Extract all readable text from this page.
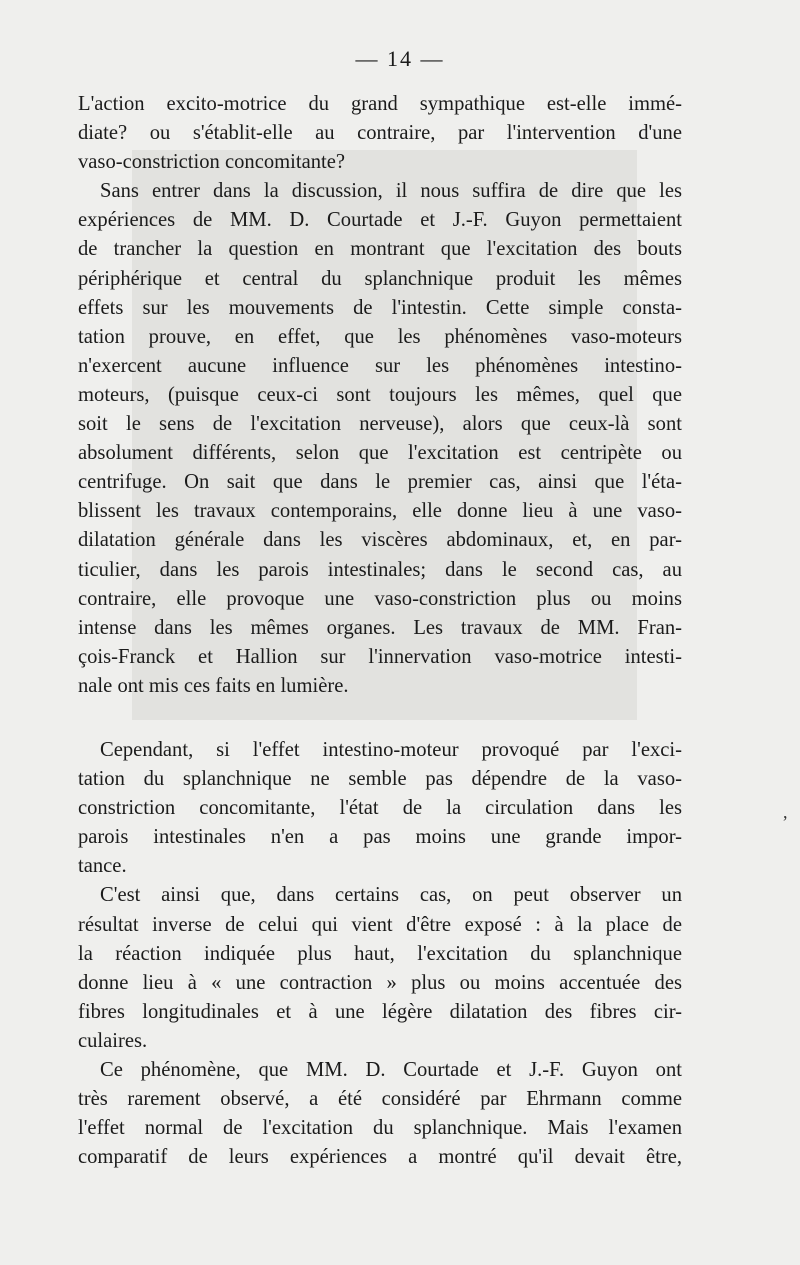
— 14 —

L'action excito-motrice du grand sympathique est-elle immé-
diate? ou s'établit-elle au contraire, par l'intervention d'une
vaso-constriction concomitante?

Sans entrer dans la discussion, il nous suffira de dire que les
expériences de MM. D. Courtade et J.-F. Guyon permettaient
de trancher la question en montrant que l'excitation des bouts
périphérique et central du splanchnique produit les mêmes
effets sur les mouvements de l'intestin. Cette simple consta-
tation prouve, en effet, que les phénomènes vaso-moteurs
n'exercent aucune influence sur les phénomènes intestino-
moteurs, (puisque ceux-ci sont toujours les mêmes, quel que
soit le sens de l'excitation nerveuse), alors que ceux-là sont
absolument différents, selon que l'excitation est centripète ou
centrifuge. On sait que dans le premier cas, ainsi que l'éta-
blissent les travaux contemporains, elle donne lieu à une vaso-
dilatation générale dans les viscères abdominaux, et, en par-
ticulier, dans les parois intestinales; dans le second cas, au
contraire, elle provoque une vaso-constriction plus ou moins
intense dans les mêmes organes. Les travaux de MM. Fran-
çois-Franck et Hallion sur l'innervation vaso-motrice intesti-
nale ont mis ces faits en lumière.

Cependant, si l'effet intestino-moteur provoqué par l'exci-
tation du splanchnique ne semble pas dépendre de la vaso-
constriction concomitante, l'état de la circulation dans les
parois intestinales n'en a pas moins une grande impor-
tance.

C'est ainsi que, dans certains cas, on peut observer un
résultat inverse de celui qui vient d'être exposé : à la place de
la réaction indiquée plus haut, l'excitation du splanchnique
donne lieu à « une contraction » plus ou moins accentuée des
fibres longitudinales et à une légère dilatation des fibres cir-
culaires.

Ce phénomène, que MM. D. Courtade et J.-F. Guyon ont
très rarement observé, a été considéré par Ehrmann comme
l'effet normal de l'excitation du splanchnique. Mais l'examen
comparatif de leurs expériences a montré qu'il devait être,

,
